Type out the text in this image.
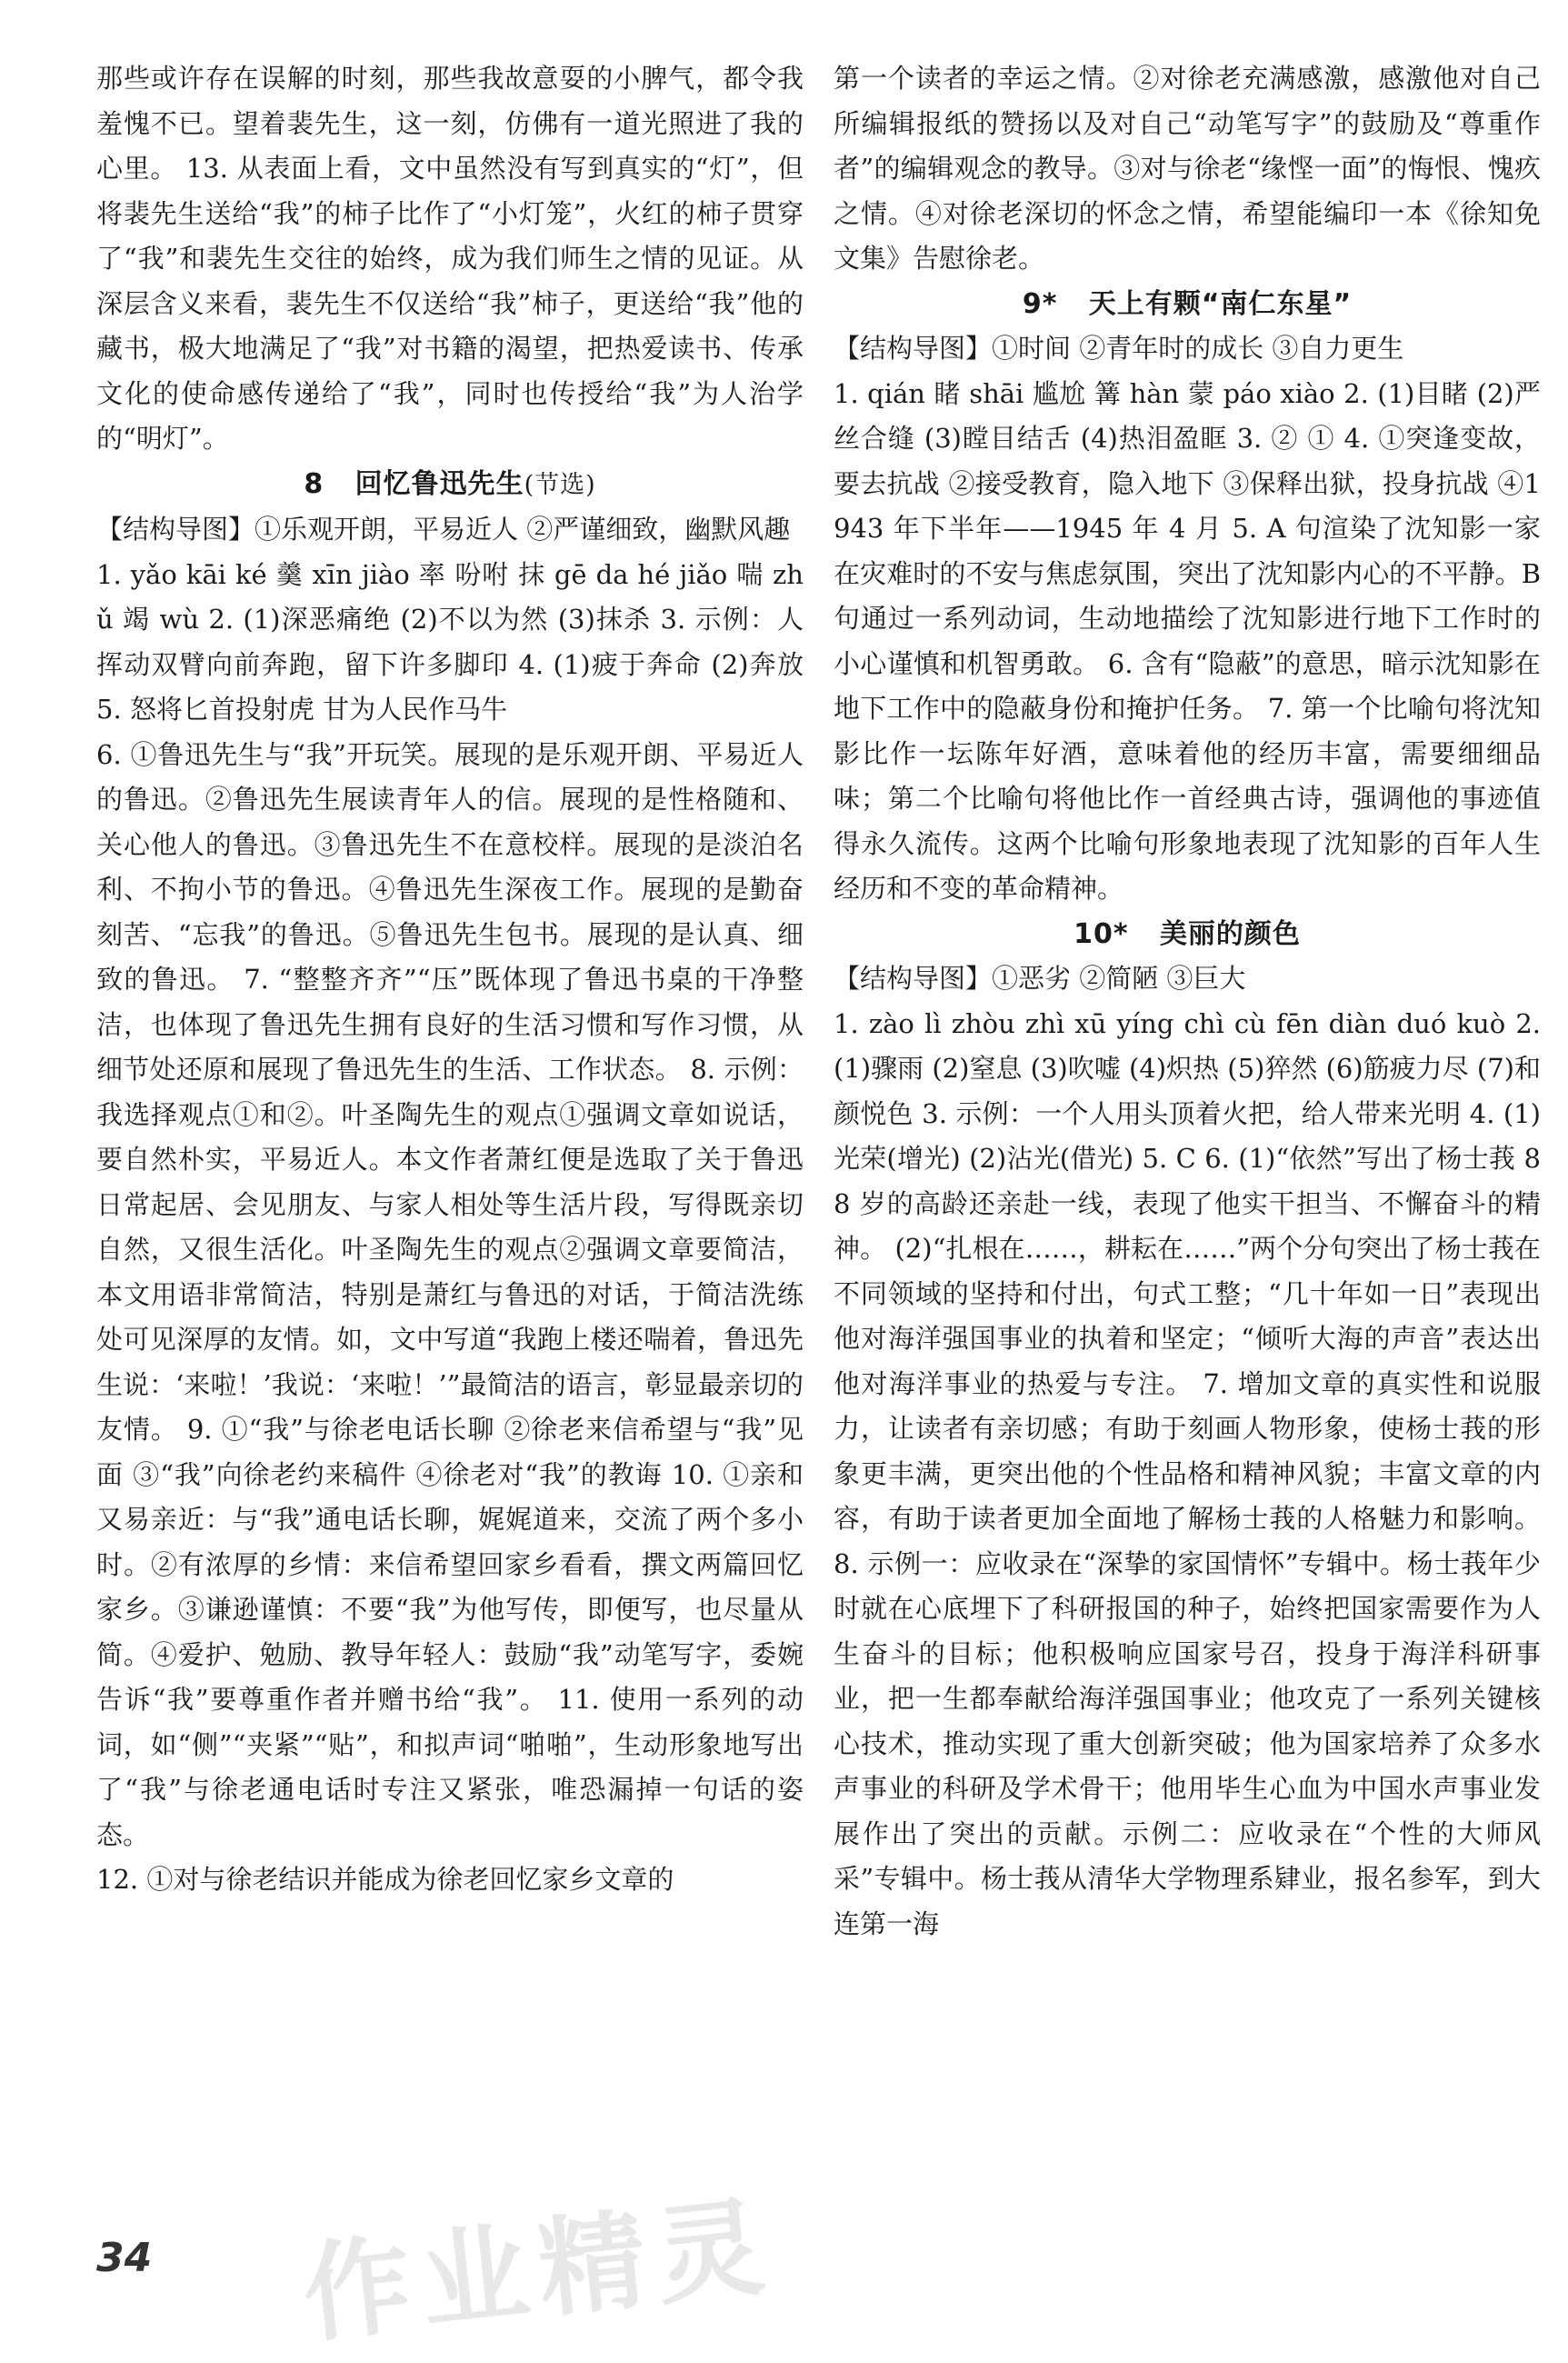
那些或许存在误解的时刻，那些我故意耍的小脾气，都令我羞愧不已。望着裴先生，这一刻，仿佛有一道光照进了我的心里。 13. 从表面上看，文中虽然没有写到真实的“灯”，但将裴先生送给“我”的柿子比作了“小灯笼”，火红的柿子贯穿了“我”和裴先生交往的始终，成为我们师生之情的见证。从深层含义来看，裴先生不仅送给“我”柿子，更送给“我”他的藏书，极大地满足了“我”对书籍的渴望，把热爱读书、传承文化的使命感传递给了“我”，同时也传授给“我”为人治学的“明灯”。

8 回忆鲁迅先生(节选)

【结构导图】①乐观开朗，平易近人 ②严谨细致，幽默风趣

1. yǎo kāi ké 羹 xīn jiào 率 吩咐 抹 gē da hé jiǎo 喘 zhǔ 竭 wù 2. (1)深恶痛绝 (2)不以为然 (3)抹杀 3. 示例：人挥动双臂向前奔跑，留下许多脚印 4. (1)疲于奔命 (2)奔放 5. 怒将匕首投射虎 甘为人民作马牛

6. ①鲁迅先生与“我”开玩笑。展现的是乐观开朗、平易近人的鲁迅。②鲁迅先生展读青年人的信。展现的是性格随和、关心他人的鲁迅。③鲁迅先生不在意校样。展现的是淡泊名利、不拘小节的鲁迅。④鲁迅先生深夜工作。展现的是勤奋刻苦、“忘我”的鲁迅。⑤鲁迅先生包书。展现的是认真、细致的鲁迅。 7. “整整齐齐”“压”既体现了鲁迅书桌的干净整洁，也体现了鲁迅先生拥有良好的生活习惯和写作习惯，从细节处还原和展现了鲁迅先生的生活、工作状态。 8. 示例：我选择观点①和②。叶圣陶先生的观点①强调文章如说话，要自然朴实，平易近人。本文作者萧红便是选取了关于鲁迅日常起居、会见朋友、与家人相处等生活片段，写得既亲切自然，又很生活化。叶圣陶先生的观点②强调文章要简洁，本文用语非常简洁，特别是萧红与鲁迅的对话，于简洁洗练处可见深厚的友情。如，文中写道“我跑上楼还喘着，鲁迅先生说：‘来啦！’我说：‘来啦！’”最简洁的语言，彰显最亲切的友情。 9. ①“我”与徐老电话长聊 ②徐老来信希望与“我”见面 ③“我”向徐老约来稿件 ④徐老对“我”的教诲 10. ①亲和又易亲近：与“我”通电话长聊，娓娓道来，交流了两个多小时。②有浓厚的乡情：来信希望回家乡看看，撰文两篇回忆家乡。③谦逊谨慎：不要“我”为他写传，即便写，也尽量从简。④爱护、勉励、教导年轻人：鼓励“我”动笔写字，委婉告诉“我”要尊重作者并赠书给“我”。 11. 使用一系列的动词，如“侧”“夹紧”“贴”，和拟声词“啪啪”，生动形象地写出了“我”与徐老通电话时专注又紧张，唯恐漏掉一句话的姿态。

12. ①对与徐老结识并能成为徐老回忆家乡文章的

第一个读者的幸运之情。②对徐老充满感激，感激他对自己所编辑报纸的赞扬以及对自己“动笔写字”的鼓励及“尊重作者”的编辑观念的教导。③对与徐老“缘悭一面”的悔恨、愧疚之情。④对徐老深切的怀念之情，希望能编印一本《徐知免文集》告慰徐老。

9* 天上有颗“南仁东星”

【结构导图】①时间 ②青年时的成长 ③自力更生

1. qián 睹 shāi 尴尬 篝 hàn 蒙 páo xiào 2. (1)目睹 (2)严丝合缝 (3)瞠目结舌 (4)热泪盈眶 3. ② ① 4. ①突逢变故，要去抗战 ②接受教育，隐入地下 ③保释出狱，投身抗战 ④1943 年下半年——1945 年 4 月 5. A 句渲染了沈知影一家在灾难时的不安与焦虑氛围，突出了沈知影内心的不平静。B 句通过一系列动词，生动地描绘了沈知影进行地下工作时的小心谨慎和机智勇敢。 6. 含有“隐蔽”的意思，暗示沈知影在地下工作中的隐蔽身份和掩护任务。 7. 第一个比喻句将沈知影比作一坛陈年好酒，意味着他的经历丰富，需要细细品味；第二个比喻句将他比作一首经典古诗，强调他的事迹值得永久流传。这两个比喻句形象地表现了沈知影的百年人生经历和不变的革命精神。

10* 美丽的颜色

【结构导图】①恶劣 ②简陋 ③巨大

1. zào lì zhòu zhì xū yíng chì cù fēn diàn duó kuò 2. (1)骤雨 (2)窒息 (3)吹嘘 (4)炽热 (5)猝然 (6)筋疲力尽 (7)和颜悦色 3. 示例：一个人用头顶着火把，给人带来光明 4. (1)光荣(增光) (2)沾光(借光) 5. C 6. (1)“依然”写出了杨士莪 88 岁的高龄还亲赴一线，表现了他实干担当、不懈奋斗的精神。 (2)“扎根在……，耕耘在……”两个分句突出了杨士莪在不同领域的坚持和付出，句式工整；“几十年如一日”表现出他对海洋强国事业的执着和坚定；“倾听大海的声音”表达出他对海洋事业的热爱与专注。 7. 增加文章的真实性和说服力，让读者有亲切感；有助于刻画人物形象，使杨士莪的形象更丰满，更突出他的个性品格和精神风貌；丰富文章的内容，有助于读者更加全面地了解杨士莪的人格魅力和影响。 8. 示例一：应收录在“深挚的家国情怀”专辑中。杨士莪年少时就在心底埋下了科研报国的种子，始终把国家需要作为人生奋斗的目标；他积极响应国家号召，投身于海洋科研事业，把一生都奉献给海洋强国事业；他攻克了一系列关键核心技术，推动实现了重大创新突破；他为国家培养了众多水声事业的科研及学术骨干；他用毕生心血为中国水声事业发展作出了突出的贡献。示例二：应收录在“个性的大师风采”专辑中。杨士莪从清华大学物理系肄业，报名参军，到大连第一海

34 作业精灵
